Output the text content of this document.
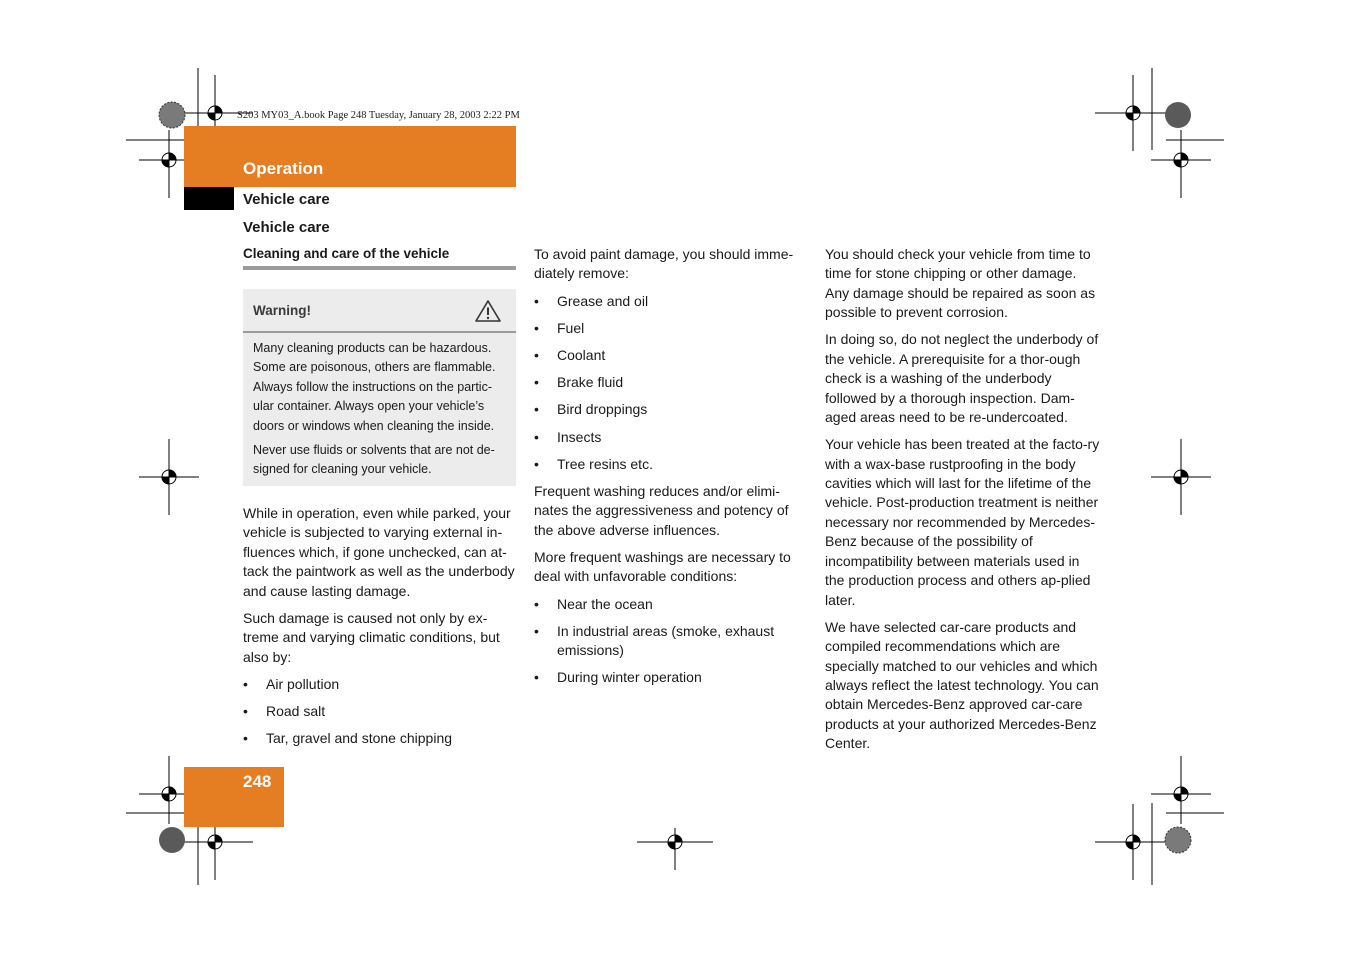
S203 MY03_A.book Page 248 Tuesday, January 28, 2003 2:22 PM
Operation
Vehicle care
Vehicle care
Cleaning and care of the vehicle
Warning!
Many cleaning products can be hazardous. Some are poisonous, others are flammable. Always follow the instructions on the partic-ular container. Always open your vehicle’s doors or windows when cleaning the inside.
Never use fluids or solvents that are not de-signed for cleaning your vehicle.

While in operation, even while parked, your vehicle is subjected to varying external in-fluences which, if gone unchecked, can at-tack the paintwork as well as the underbody and cause lasting damage.

Such damage is caused not only by ex-treme and varying climatic conditions, but also by:

• Air pollution
• Road salt
• Tar, gravel and stone chipping

To avoid paint damage, you should imme-diately remove:

• Grease and oil
• Fuel
• Coolant
• Brake fluid
• Bird droppings
• Insects
• Tree resins etc.

Frequent washing reduces and/or elimi-nates the aggressiveness and potency of the above adverse influences.

More frequent washings are necessary to deal with unfavorable conditions:

• Near the ocean
• In industrial areas (smoke, exhaust emissions)
• During winter operation

You should check your vehicle from time to time for stone chipping or other damage. Any damage should be repaired as soon as possible to prevent corrosion.

In doing so, do not neglect the underbody of the vehicle. A prerequisite for a thor-ough check is a washing of the underbody followed by a thorough inspection. Dam-aged areas need to be re-undercoated.

Your vehicle has been treated at the facto-ry with a wax-base rustproofing in the body cavities which will last for the lifetime of the vehicle. Post-production treatment is neither necessary nor recommended by Mercedes-Benz because of the possibility of incompatibility between materials used in the production process and others ap-plied later.

We have selected car-care products and compiled recommendations which are specially matched to our vehicles and which always reflect the latest technology. You can obtain Mercedes-Benz approved car-care products at your authorized Mercedes-Benz Center.

248
